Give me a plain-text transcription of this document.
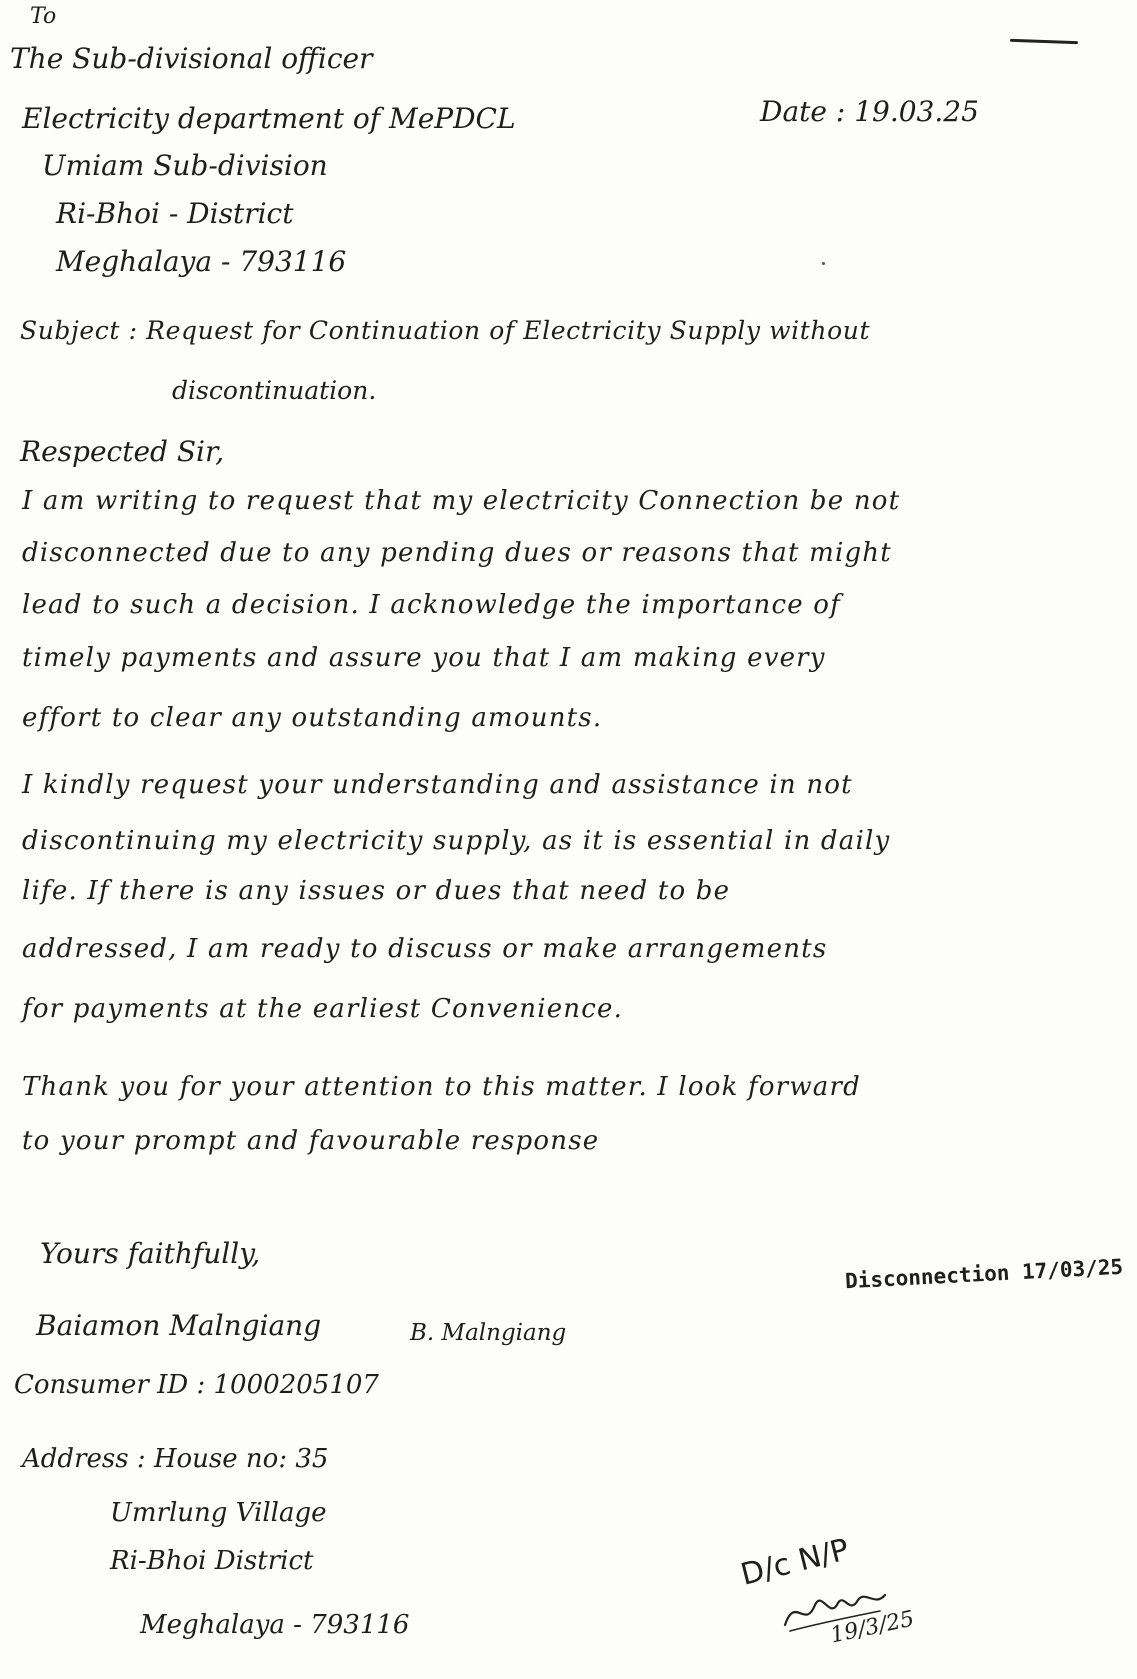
To
The Sub-divisional officer
Electricity department of MePDCL
Umiam Sub-division
Ri-Bhoi - District
Meghalaya - 793116
Date : 19.03.25
Subject : Request for Continuation of Electricity Supply without
discontinuation.
Respected Sir,
I am writing to request that my electricity Connection be not
disconnected due to any pending dues or reasons that might
lead to such a decision. I acknowledge the importance of
timely payments and assure you that I am making every
effort to clear any outstanding amounts.
I kindly request your understanding and assistance in not
discontinuing my electricity supply, as it is essential in daily
life. If there is any issues or dues that need to be
addressed, I am ready to discuss or make arrangements
for payments at the earliest Convenience.
Thank you for your attention to this matter. I look forward
to your prompt and favourable response
Yours faithfully,
Baiamon Malngiang	B. Malngiang
Consumer ID : 1000205107
Address : House no: 35
Umrlung Village
Ri-Bhoi District
Meghalaya - 793116
Disconnection 17/03/25
D/c N/P
19/3/25
